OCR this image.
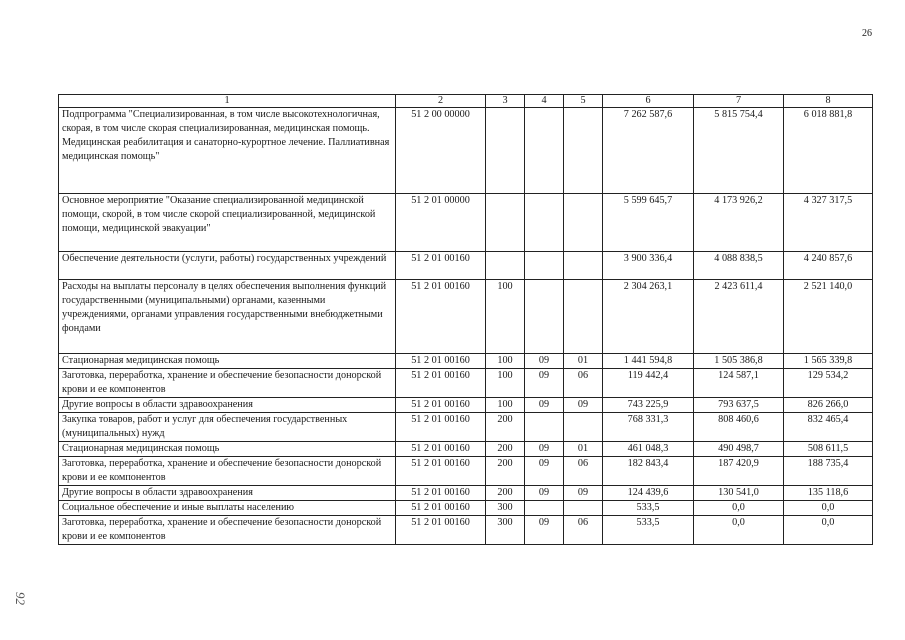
26
92
1	2	3	4	5	6	7	8
Подпрограмма "Специализированная, в том числе высокотехнологичная, скорая, в том числе скорая специализированная, медицинская помощь. Медицинская реабилитация и санаторно-курортное лечение. Паллиативная медицинская помощь"	51 2 00 00000				7 262 587,6	5 815 754,4	6 018 881,8
Основное мероприятие "Оказание специализированной медицинской помощи, скорой, в том числе скорой специализированной, медицинской помощи, медицинской эвакуации"	51 2 01 00000				5 599 645,7	4 173 926,2	4 327 317,5
Обеспечение деятельности (услуги, работы) государственных учреждений	51 2 01 00160				3 900 336,4	4 088 838,5	4 240 857,6
Расходы на выплаты персоналу в целях обеспечения выполнения функций государственными (муниципальными) органами, казенными учреждениями, органами управления государственными внебюджетными фондами	51 2 01 00160	100			2 304 263,1	2 423 611,4	2 521 140,0
Стационарная медицинская помощь	51 2 01 00160	100	09	01	1 441 594,8	1 505 386,8	1 565 339,8
Заготовка, переработка, хранение и обеспечение безопасности донорской крови и ее компонентов	51 2 01 00160	100	09	06	119 442,4	124 587,1	129 534,2
Другие вопросы в области здравоохранения	51 2 01 00160	100	09	09	743 225,9	793 637,5	826 266,0
Закупка товаров, работ и услуг для обеспечения государственных (муниципальных) нужд	51 2 01 00160	200			768 331,3	808 460,6	832 465,4
Стационарная медицинская помощь	51 2 01 00160	200	09	01	461 048,3	490 498,7	508 611,5
Заготовка, переработка, хранение и обеспечение безопасности донорской крови и ее компонентов	51 2 01 00160	200	09	06	182 843,4	187 420,9	188 735,4
Другие вопросы в области здравоохранения	51 2 01 00160	200	09	09	124 439,6	130 541,0	135 118,6
Социальное обеспечение и иные выплаты населению	51 2 01 00160	300			533,5	0,0	0,0
Заготовка, переработка, хранение и обеспечение безопасности донорской крови и ее компонентов	51 2 01 00160	300	09	06	533,5	0,0	0,0
